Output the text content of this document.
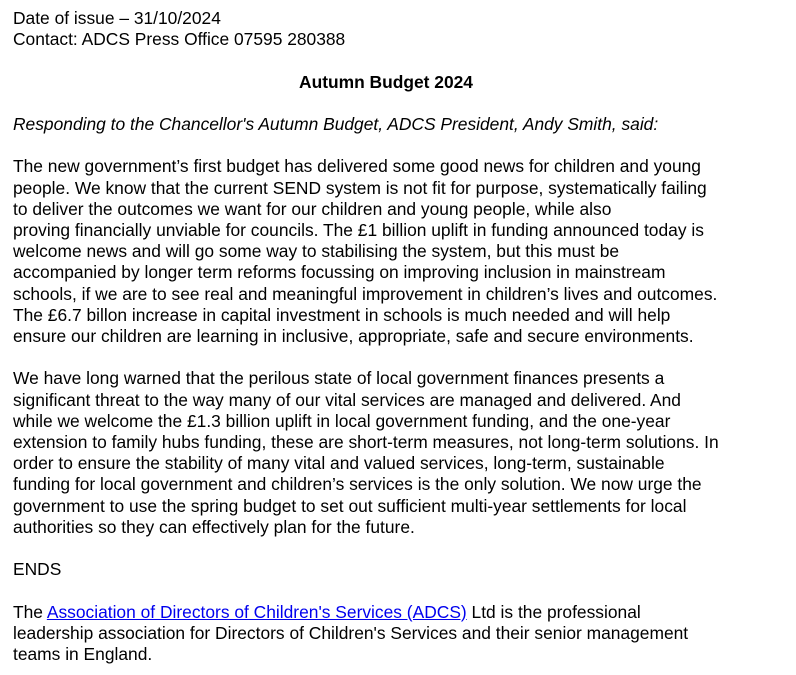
Date of issue – 31/10/2024
Contact: ADCS Press Office 07595 280388
Autumn Budget 2024
Responding to the Chancellor's Autumn Budget, ADCS President, Andy Smith, said:
The new government’s first budget has delivered some good news for children and young
people. We know that the current SEND system is not fit for purpose, systematically failing
to deliver the outcomes we want for our children and young people, while also
proving financially unviable for councils. The £1 billion uplift in funding announced today is
welcome news and will go some way to stabilising the system, but this must be
accompanied by longer term reforms focussing on improving inclusion in mainstream
schools, if we are to see real and meaningful improvement in children’s lives and outcomes.
The £6.7 billon increase in capital investment in schools is much needed and will help
ensure our children are learning in inclusive, appropriate, safe and secure environments.
We have long warned that the perilous state of local government finances presents a
significant threat to the way many of our vital services are managed and delivered. And
while we welcome the £1.3 billion uplift in local government funding, and the one-year
extension to family hubs funding, these are short-term measures, not long-term solutions. In
order to ensure the stability of many vital and valued services, long-term, sustainable
funding for local government and children’s services is the only solution. We now urge the
government to use the spring budget to set out sufficient multi-year settlements for local
authorities so they can effectively plan for the future.
ENDS
The Association of Directors of Children's Services (ADCS) Ltd is the professional
leadership association for Directors of Children's Services and their senior management
teams in England.
